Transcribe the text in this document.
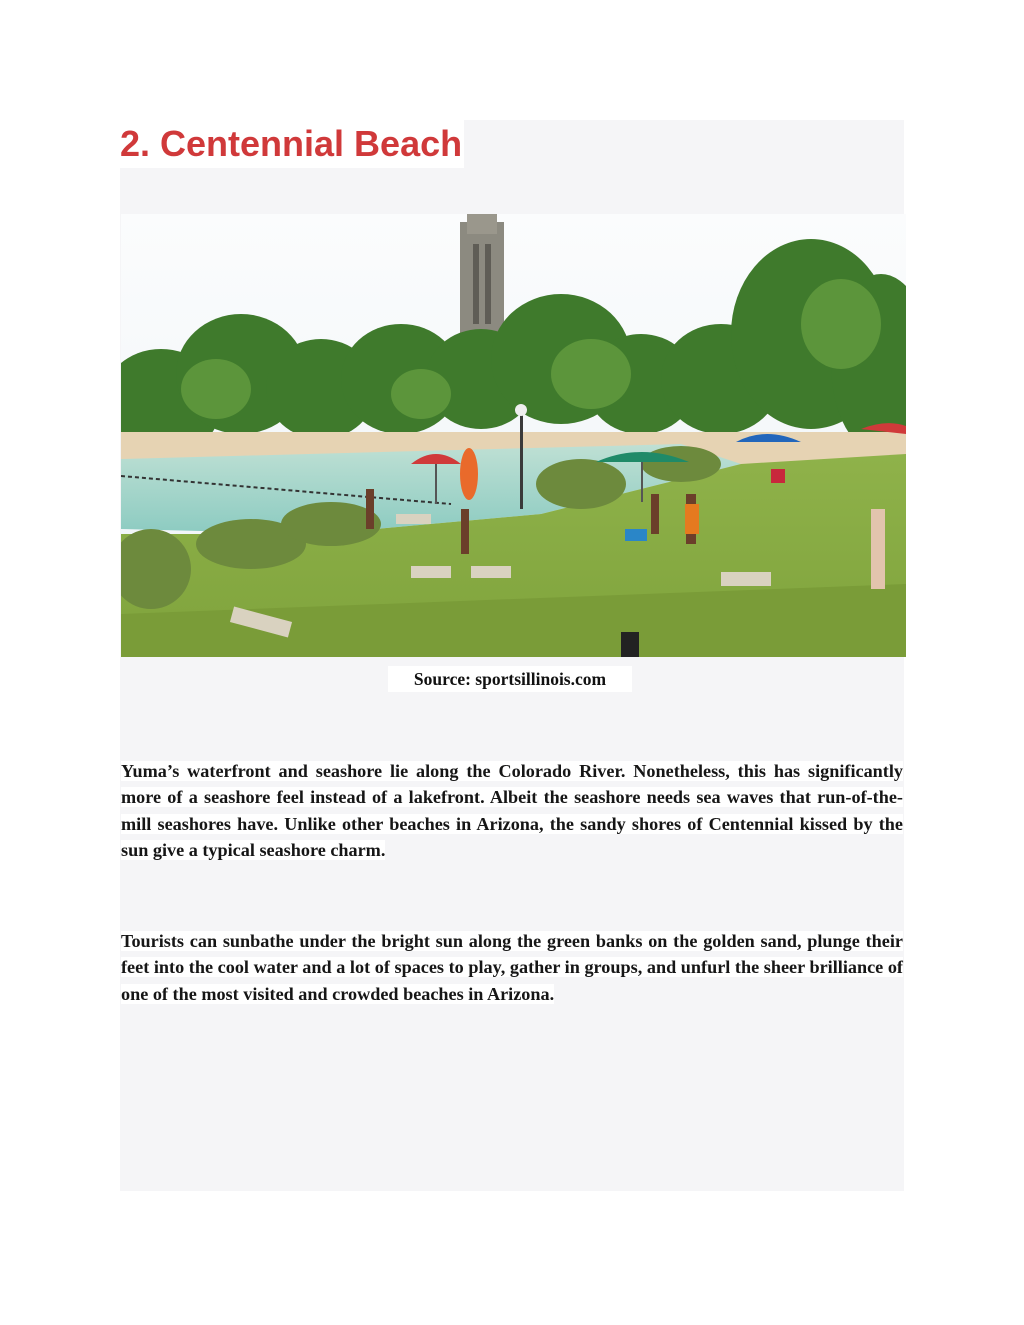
2. Centennial Beach
Source: sportsillinois.com

Yuma’s waterfront and seashore lie along the Colorado River. Nonetheless, this has significantly more of a seashore feel instead of a lakefront. Albeit the seashore needs sea waves that run-of-the-mill seashores have. Unlike other beaches in Arizona, the sandy shores of Centennial kissed by the sun give a typical seashore charm.

Tourists can sunbathe under the bright sun along the green banks on the golden sand, plunge their feet into the cool water and a lot of spaces to play, gather in groups, and unfurl the sheer brilliance of one of the most visited and crowded beaches in Arizona.
